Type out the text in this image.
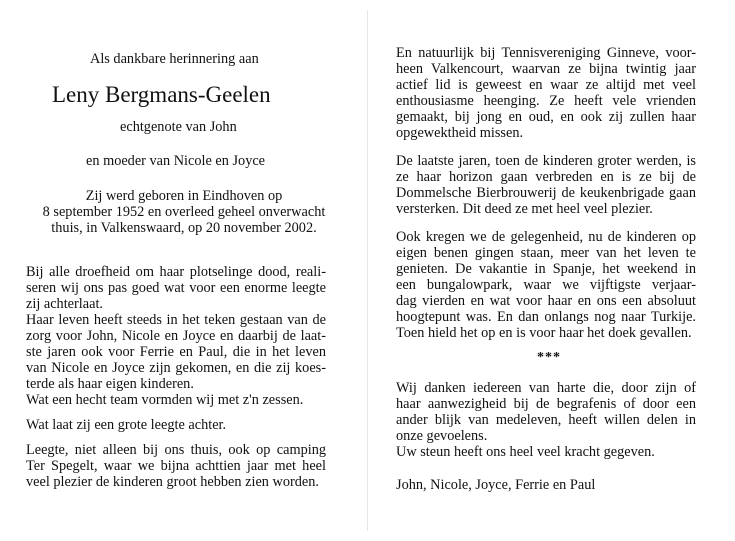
Als dankbare herinnering aan
Leny Bergmans-Geelen
echtgenote van John
en moeder van Nicole en Joyce
Zij werd geboren in Eindhoven op
8 september 1952 en overleed geheel onverwacht
thuis, in Valkenswaard, op 20 november 2002.
Bij alle droefheid om haar plotselinge dood, reali-
seren wij ons pas goed wat voor een enorme leegte
zij achterlaat.
Haar leven heeft steeds in het teken gestaan van de
zorg voor John, Nicole en Joyce en daarbij de laat-
ste jaren ook voor Ferrie en Paul, die in het leven
van Nicole en Joyce zijn gekomen, en die zij koes-
terde als haar eigen kinderen.
Wat een hecht team vormden wij met z'n zessen.
Wat laat zij een grote leegte achter.
Leegte, niet alleen bij ons thuis, ook op camping
Ter Spegelt, waar we bijna achttien jaar met heel
veel plezier de kinderen groot hebben zien worden.
En natuurlijk bij Tennisvereniging Ginneve, voor-
heen Valkencourt, waarvan ze bijna twintig jaar
actief lid is geweest en waar ze altijd met veel
enthousiasme heenging. Ze heeft vele vrienden
gemaakt, bij jong en oud, en ook zij zullen haar
opgewektheid missen.
De laatste jaren, toen de kinderen groter werden, is
ze haar horizon gaan verbreden en is ze bij de
Dommelsche Bierbrouwerij de keukenbrigade gaan
versterken. Dit deed ze met heel veel plezier.
Ook kregen we de gelegenheid, nu de kinderen op
eigen benen gingen staan, meer van het leven te
genieten. De vakantie in Spanje, het weekend in
een bungalowpark, waar we vijftigste verjaar-
dag vierden en wat voor haar en ons een absoluut
hoogtepunt was. En dan onlangs nog naar Turkije.
Toen hield het op en is voor haar het doek gevallen.
***
Wij danken iedereen van harte die, door zijn of
haar aanwezigheid bij de begrafenis of door een
ander blijk van medeleven, heeft willen delen in
onze gevoelens.
Uw steun heeft ons heel veel kracht gegeven.
John, Nicole, Joyce, Ferrie en Paul
